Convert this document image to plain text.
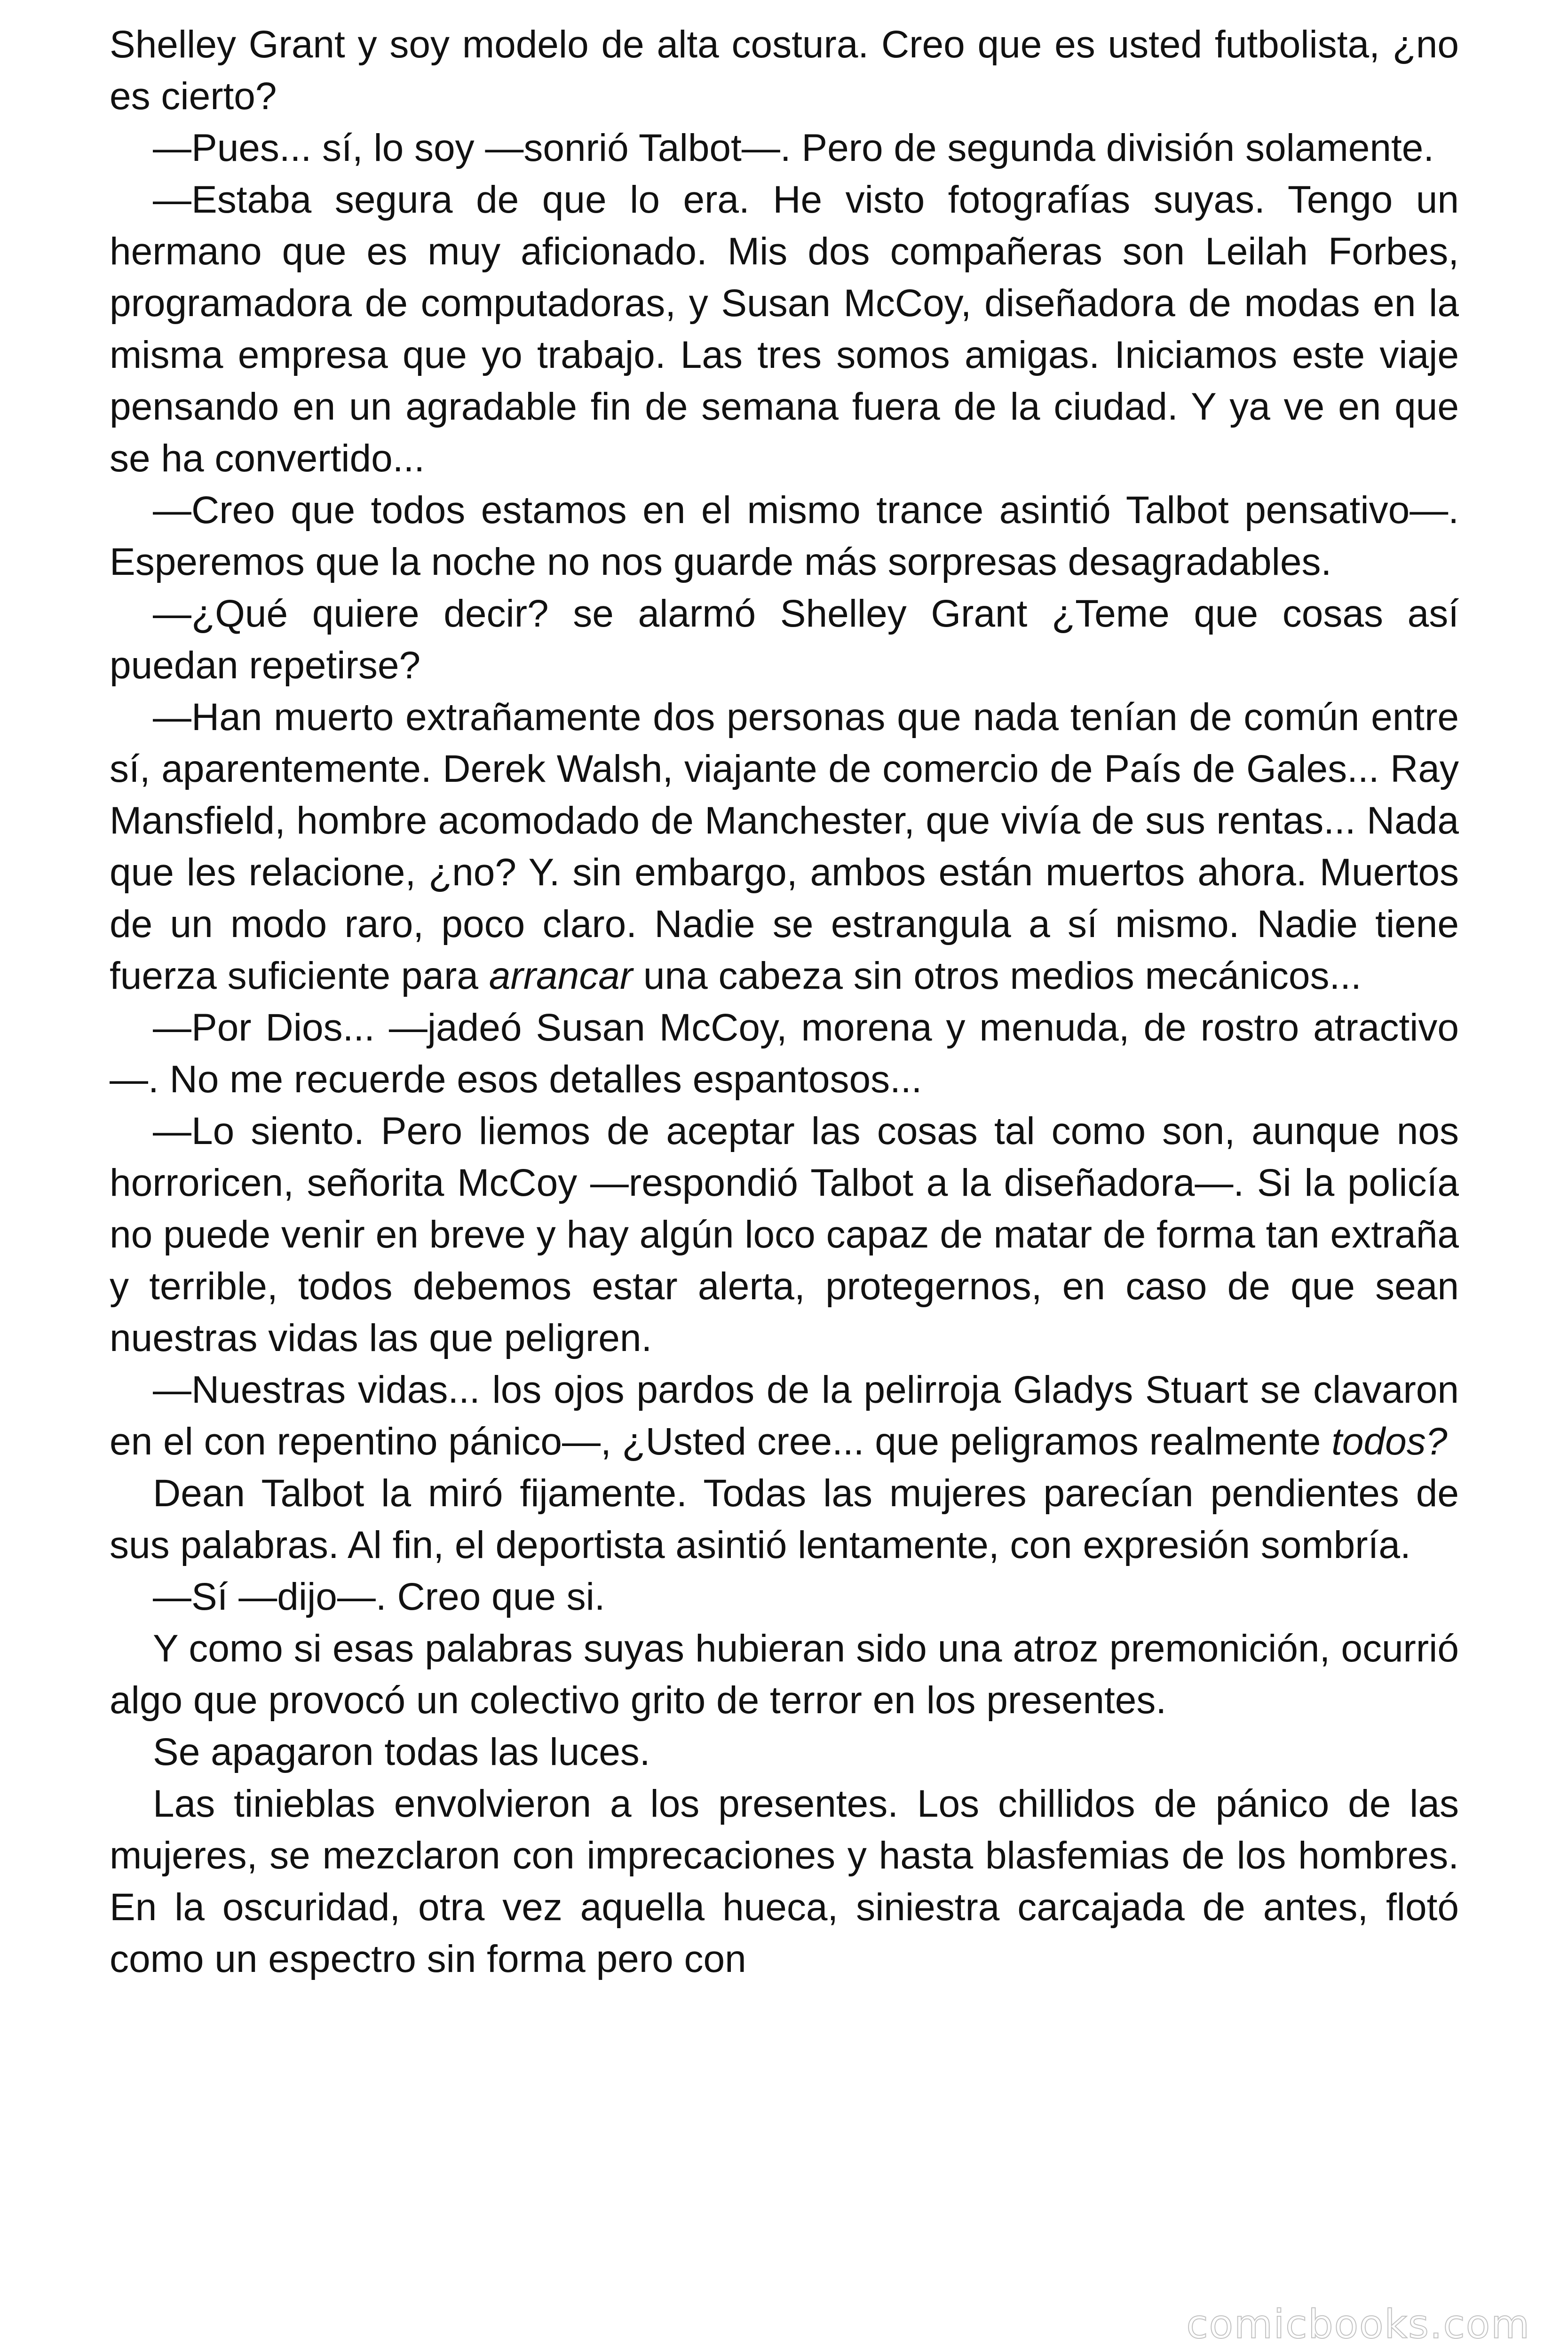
Shelley Grant y soy modelo de alta costura. Creo que es usted futbolista, ¿no es cierto?

—Pues... sí, lo soy —sonrió Talbot—. Pero de segunda división solamente.

—Estaba segura de que lo era. He visto fotografías suyas. Tengo un hermano que es muy aficionado. Mis dos compañeras son Leilah Forbes, programadora de computadoras, y Susan McCoy, diseñadora de modas en la misma empresa que yo trabajo. Las tres somos amigas. Iniciamos este viaje pensando en un agradable fin de semana fuera de la ciudad. Y ya ve en que se ha convertido...

—Creo que todos estamos en el mismo trance asintió Talbot pensativo—. Esperemos que la noche no nos guarde más sorpresas desagradables.

—¿Qué quiere decir? se alarmó Shelley Grant ¿Teme que cosas así puedan repetirse?

—Han muerto extrañamente dos personas que nada tenían de común entre sí, aparentemente. Derek Walsh, viajante de comercio de País de Gales... Ray Mansfield, hombre acomodado de Manchester, que vivía de sus rentas... Nada que les relacione, ¿no? Y. sin embargo, ambos están muertos ahora. Muertos de un modo raro, poco claro. Nadie se estrangula a sí mismo. Nadie tiene fuerza suficiente para arrancar una cabeza sin otros medios mecánicos...

—Por Dios... —jadeó Susan McCoy, morena y menuda, de rostro atractivo—. No me recuerde esos detalles espantosos...

—Lo siento. Pero liemos de aceptar las cosas tal como son, aunque nos horroricen, señorita McCoy —respondió Talbot a la diseñadora—. Si la policía no puede venir en breve y hay algún loco capaz de matar de forma tan extraña y terrible, todos debemos estar alerta, protegernos, en caso de que sean nuestras vidas las que peligren.

—Nuestras vidas... los ojos pardos de la pelirroja Gladys Stuart se clavaron en el con repentino pánico—, ¿Usted cree... que peligramos realmente todos?

Dean Talbot la miró fijamente. Todas las mujeres parecían pendientes de sus palabras. Al fin, el deportista asintió lentamente, con expresión sombría.

—Sí —dijo—. Creo que si.

Y como si esas palabras suyas hubieran sido una atroz premonición, ocurrió algo que provocó un colectivo grito de terror en los presentes.

Se apagaron todas las luces.

Las tinieblas envolvieron a los presentes. Los chillidos de pánico de las mujeres, se mezclaron con imprecaciones y hasta blasfemias de los hombres. En la oscuridad, otra vez aquella hueca, siniestra carcajada de antes, flotó como un espectro sin forma pero con

comicbooks.com
